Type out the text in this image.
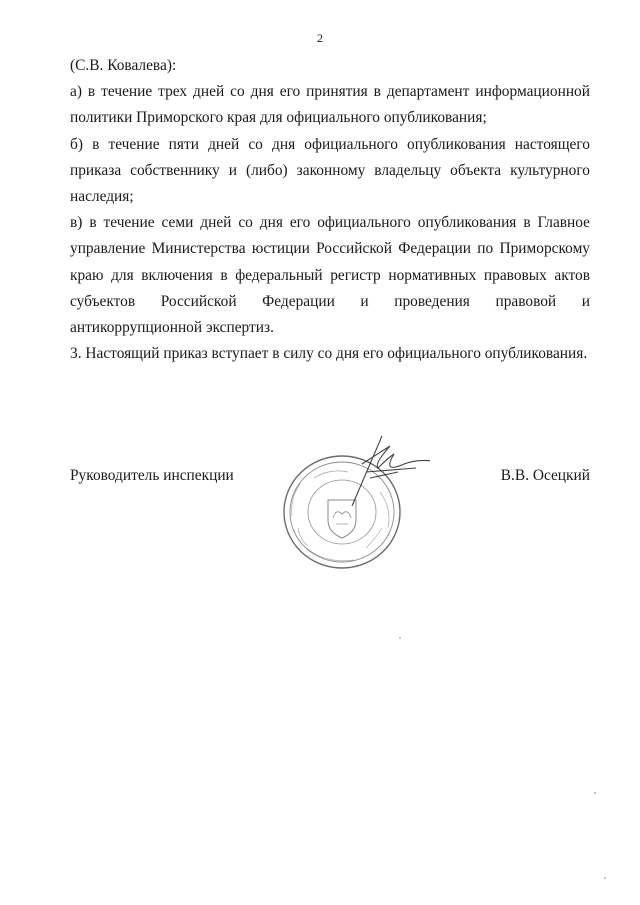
2

(С.В. Ковалева):

а) в течение трех дней со дня его принятия в департамент информационной политики Приморского края для официального опубликования;

б) в течение пяти дней со дня официального опубликования настоящего приказа собственнику и (либо) законному владельцу объекта культурного наследия;

в) в течение семи дней со дня его официального опубликования в Главное управление Министерства юстиции Российской Федерации по Приморскому краю для включения в федеральный регистр нормативных правовых актов субъектов Российской Федерации и проведения правовой и антикоррупционной экспертиз.

3. Настоящий приказ вступает в силу со дня его официального опубликования.

Руководитель инспекции	В.В. Осецкий
